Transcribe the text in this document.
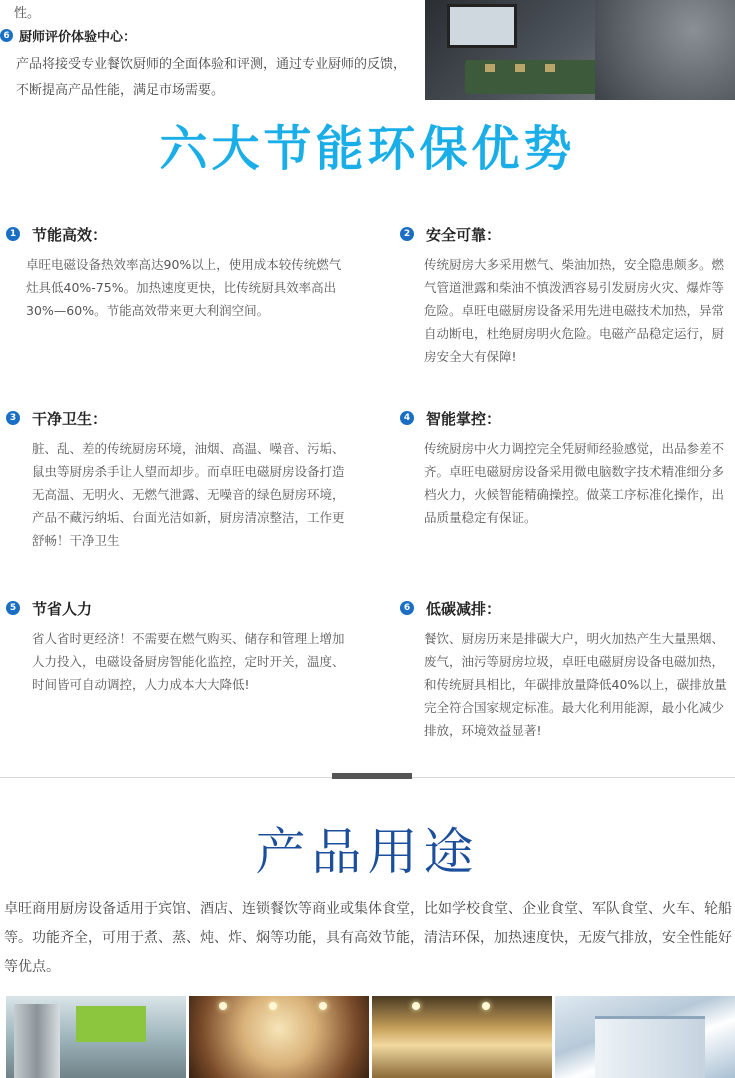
性。
6 厨师评价体验中心：
产品将接受专业餐饮厨师的全面体验和评测，通过专业厨师的反馈，不断提高产品性能，满足市场需要。
六大节能环保优势
1 节能高效：
卓旺电磁设备热效率高达90%以上，使用成本较传统燃气灶具低40%-75%。加热速度更快，比传统厨具效率高出30%—60%。节能高效带来更大利润空间。
2 安全可靠：
传统厨房大多采用燃气、柴油加热，安全隐患颇多。燃气管道泄露和柴油不慎泼洒容易引发厨房火灾、爆炸等危险。卓旺电磁厨房设备采用先进电磁技术加热，异常自动断电，杜绝厨房明火危险。电磁产品稳定运行，厨房安全大有保障!
3 干净卫生：
脏、乱、差的传统厨房环境，油烟、高温、噪音、污垢、鼠虫等厨房杀手让人望而却步。而卓旺电磁厨房设备打造无高温、无明火、无燃气泄露、无噪音的绿色厨房环境，产品不藏污纳垢、台面光洁如新，厨房清凉整洁，工作更舒畅！干净卫生
4 智能掌控：
传统厨房中火力调控完全凭厨师经验感觉，出品参差不齐。卓旺电磁厨房设备采用微电脑数字技术精准细分多档火力，火候智能精确操控。做菜工序标准化操作，出品质量稳定有保证。
5 节省人力
省人省时更经济！不需要在燃气购买、储存和管理上增加人力投入，电磁设备厨房智能化监控，定时开关，温度、时间皆可自动调控，人力成本大大降低!
6 低碳减排：
餐饮、厨房历来是排碳大户，明火加热产生大量黑烟、废气，油污等厨房垃圾，卓旺电磁厨房设备电磁加热，和传统厨具相比，年碳排放量降低40%以上，碳排放量完全符合国家规定标准。最大化利用能源，最小化减少排放，环境效益显著!
产品用途
卓旺商用厨房设备适用于宾馆、酒店、连锁餐饮等商业或集体食堂，比如学校食堂、企业食堂、军队食堂、火车、轮船等。功能齐全，可用于煮、蒸、炖、炸、焖等功能，具有高效节能，清洁环保，加热速度快，无废气排放，安全性能好等优点。
